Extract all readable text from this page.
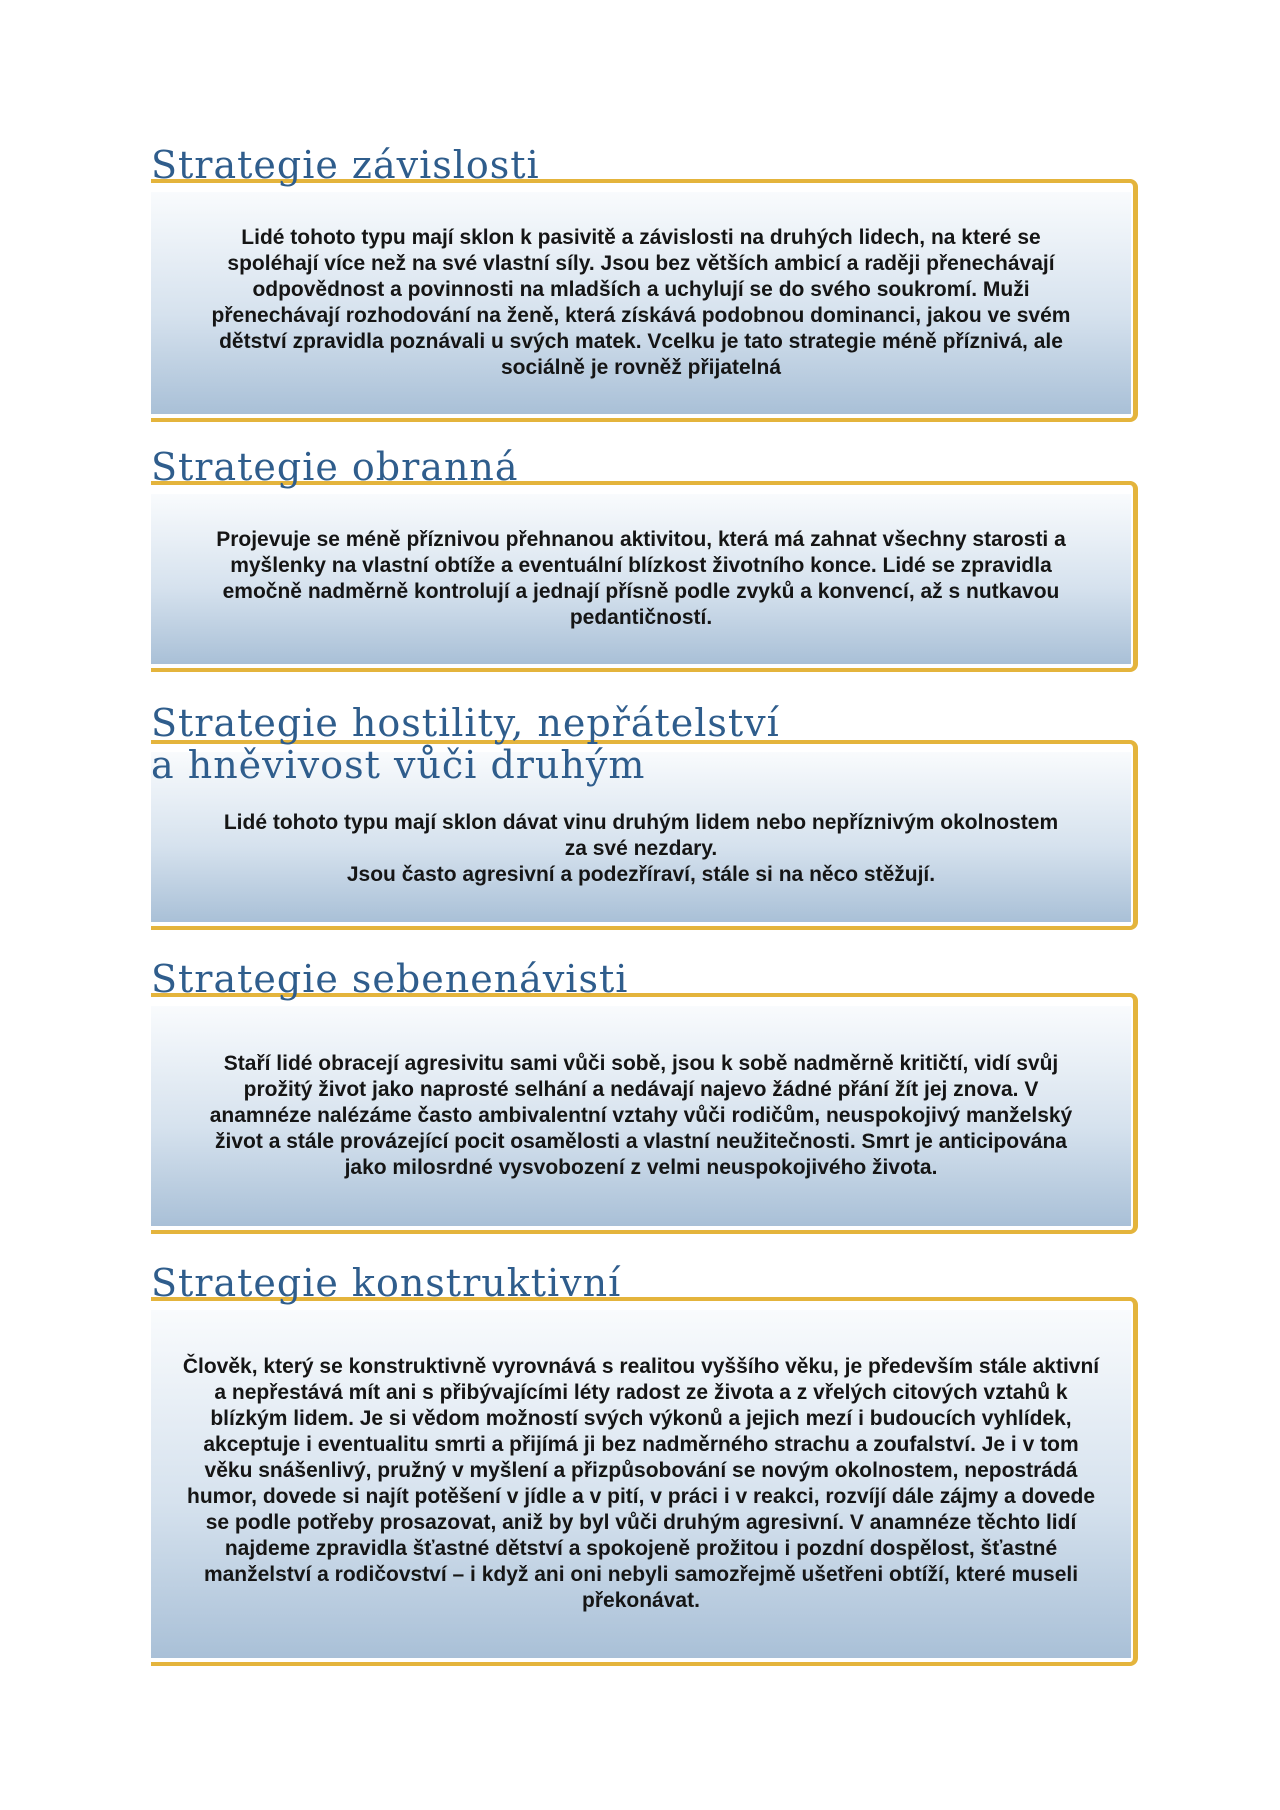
Strategie závislosti

Lidé tohoto typu mají sklon k pasivitě a závislosti na druhých lidech, na které se spoléhají více než na své vlastní síly. Jsou bez větších ambicí a raději přenechávají odpovědnost a povinnosti na mladších a uchylují se do svého soukromí. Muži přenechávají rozhodování na ženě, která získává podobnou dominanci, jakou ve svém dětství zpravidla poznávali u svých matek. Vcelku je tato strategie méně příznivá, ale sociálně je rovněž přijatelná

Strategie obranná

Projevuje se méně příznivou přehnanou aktivitou, která má zahnat všechny starosti a myšlenky na vlastní obtíže a eventuální blízkost životního konce. Lidé se zpravidla emočně nadměrně kontrolují a jednají přísně podle zvyků a konvencí, až s nutkavou pedantičností.

Strategie hostility, nepřátelství
a hněvivost vůči druhým

Lidé tohoto typu mají sklon dávat vinu druhým lidem nebo nepříznivým okolnostem za své nezdary.

Jsou často agresivní a podezříraví, stále si na něco stěžují.

Strategie sebenenávisti

Staří lidé obracejí agresivitu sami vůči sobě, jsou k sobě nadměrně kritičtí, vidí svůj prožitý život jako naprosté selhání a nedávají najevo žádné přání žít jej znova. V anamnéze nalézáme často ambivalentní vztahy vůči rodičům, neuspokojivý manželský život a stále provázející pocit osamělosti a vlastní neužitečnosti. Smrt je anticipována jako milosrdné vysvobození z velmi neuspokojivého života.

Strategie konstruktivní

Člověk, který se konstruktivně vyrovnává s realitou vyššího věku, je především stále aktivní a nepřestává mít ani s přibývajícími léty radost ze života a z vřelých citových vztahů k blízkým lidem. Je si vědom možností svých výkonů a jejich mezí i budoucích vyhlídek, akceptuje i eventualitu smrti a přijímá ji bez nadměrného strachu a zoufalství. Je i v tom věku snášenlivý, pružný v myšlení a přizpůsobování se novým okolnostem, nepostrádá humor, dovede si najít potěšení v jídle a v pití, v práci i v reakci, rozvíjí dále zájmy a dovede se podle potřeby prosazovat, aniž by byl vůči druhým agresivní. V anamnéze těchto lidí najdeme zpravidla šťastné dětství a spokojeně prožitou i pozdní dospělost, šťastné manželství a rodičovství – i když ani oni nebyli samozřejmě ušetřeni obtíží, které museli překonávat.
